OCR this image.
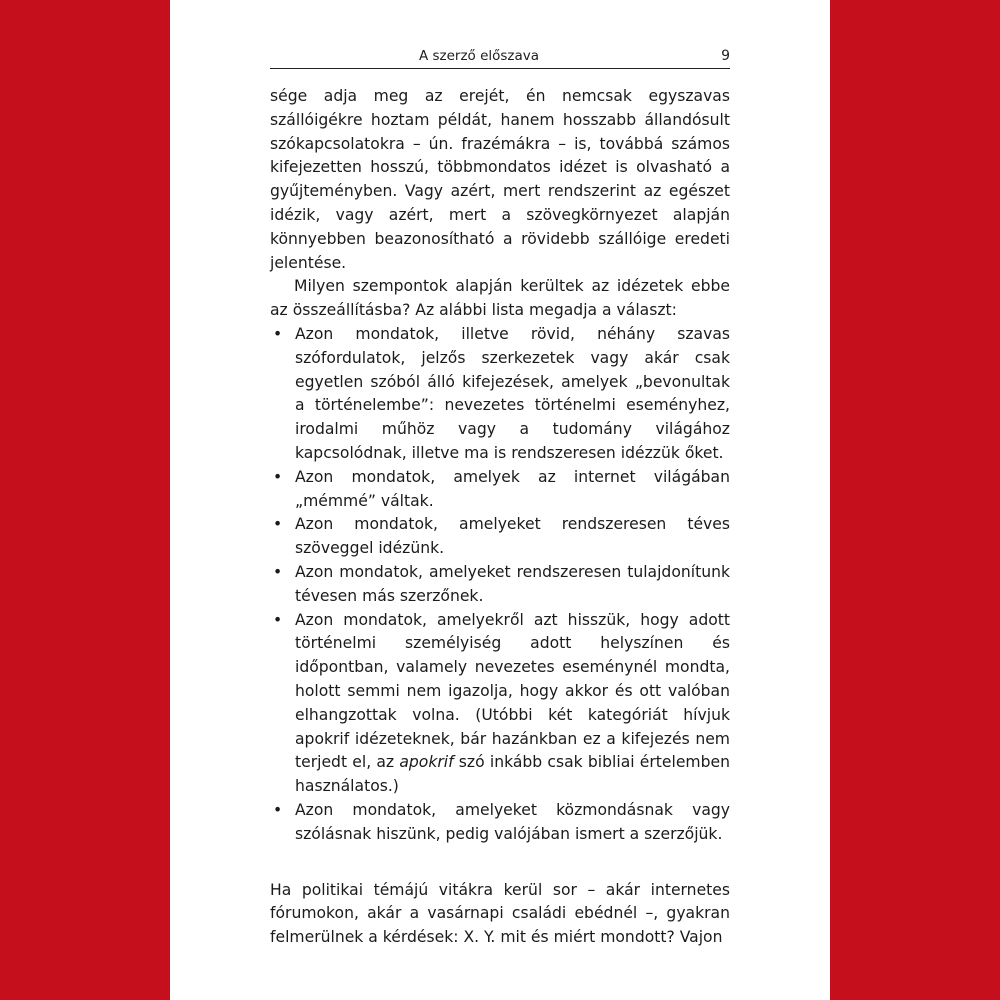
A szerző előszava	9

sége adja meg az erejét, én nemcsak egyszavas szállóigékre hoztam példát, hanem hosszabb állandósult szókapcsolatokra – ún. frazémákra – is, továbbá számos kifejezetten hosszú, többmondatos idézet is olvasható a gyűjteményben. Vagy azért, mert rendszerint az egészet idézik, vagy azért, mert a szövegkörnyezet alapján könnyebben beazonosítható a rövidebb szállóige eredeti jelentése.

Milyen szempontok alapján kerültek az idézetek ebbe az összeállításba? Az alábbi lista megadja a választ:

• Azon mondatok, illetve rövid, néhány szavas szófordulatok, jelzős szerkezetek vagy akár csak egyetlen szóból álló kifejezések, amelyek „bevonultak a történelembe”: nevezetes történelmi eseményhez, irodalmi műhöz vagy a tudomány világához kapcsolódnak, illetve ma is rendszeresen idézzük őket.
• Azon mondatok, amelyek az internet világában „mémmé” váltak.
• Azon mondatok, amelyeket rendszeresen téves szöveggel idézünk.
• Azon mondatok, amelyeket rendszeresen tulajdonítunk tévesen más szerzőnek.
• Azon mondatok, amelyekről azt hisszük, hogy adott történelmi személyiség adott helyszínen és időpontban, valamely nevezetes eseménynél mondta, holott semmi nem igazolja, hogy akkor és ott valóban elhangzottak volna. (Utóbbi két kategóriát hívjuk apokrif idézeteknek, bár hazánkban ez a kifejezés nem terjedt el, az apokrif szó inkább csak bibliai értelemben használatos.)
• Azon mondatok, amelyeket közmondásnak vagy szólásnak hiszünk, pedig valójában ismert a szerzőjük.

Ha politikai témájú vitákra kerül sor – akár internetes fórumokon, akár a vasárnapi családi ebédnél –, gyakran felmerülnek a kérdések: X. Y. mit és miért mondott? Vajon
